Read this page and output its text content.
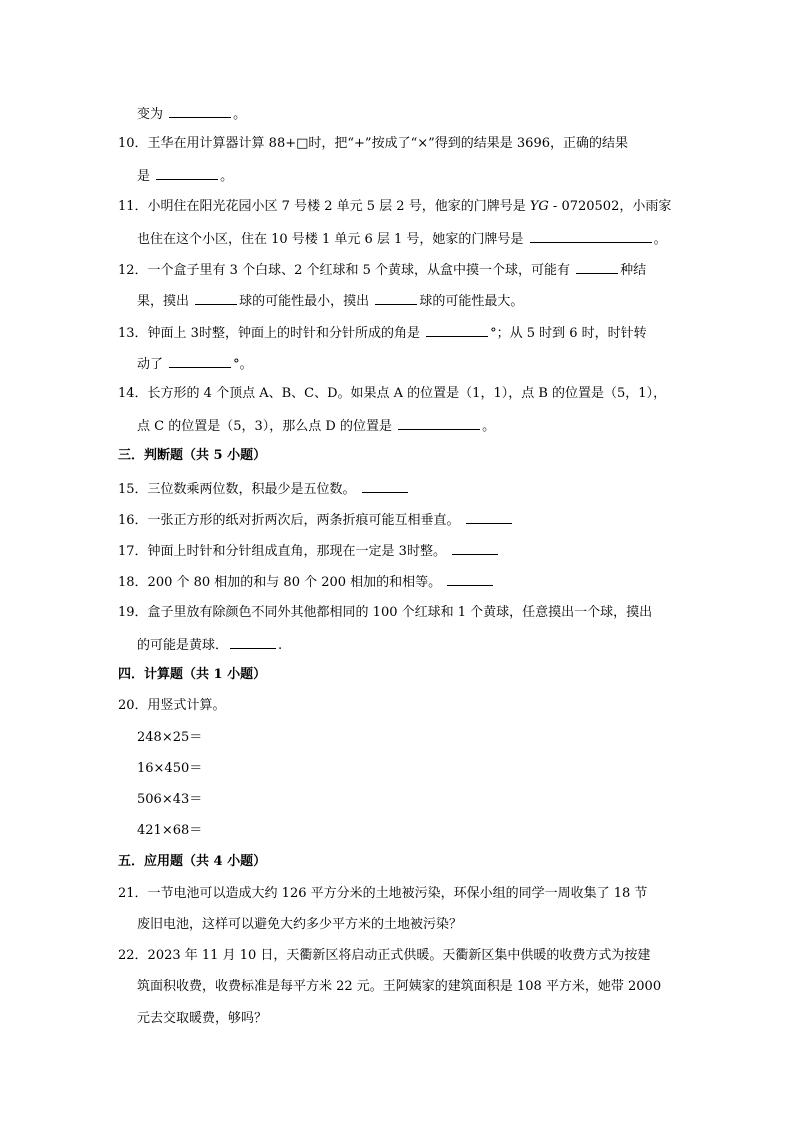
变为	。
10．王华在用计算器计算 88+□时，把“+”按成了“×”得到的结果是 3696，正确的结果
是	。
11．小明住在阳光花园小区 7 号楼 2 单元 5 层 2 号，他家的门牌号是 YG - 0720502，小雨家
也住在这个小区，住在 10 号楼 1 单元 6 层 1 号，她家的门牌号是	。
12．一个盒子里有 3 个白球、2 个红球和 5 个黄球，从盒中摸一个球，可能有	种结
果，摸出	球的可能性最小，摸出	球的可能性最大。
13．钟面上 3时整，钟面上的时针和分针所成的角是	°；从 5 时到 6 时，时针转
动了	°。
14．长方形的 4 个顶点 A、B、C、D。如果点 A 的位置是（1，1），点 B 的位置是（5，1），
点 C 的位置是（5，3），那么点 D 的位置是	。
三．判断题（共 5 小题）
15．三位数乘两位数，积最少是五位数。
16．一张正方形的纸对折两次后，两条折痕可能互相垂直。
17．钟面上时针和分针组成直角，那现在一定是 3时整。
18．200 个 80 相加的和与 80 个 200 相加的和相等。
19．盒子里放有除颜色不同外其他都相同的 100 个红球和 1 个黄球，任意摸出一个球，摸出
的可能是黄球．	.
四．计算题（共 1 小题）
20．用竖式计算。
248×25＝
16×450＝
506×43＝
421×68＝
五．应用题（共 4 小题）
21．一节电池可以造成大约 126 平方分米的土地被污染，环保小组的同学一周收集了 18 节
废旧电池，这样可以避免大约多少平方米的土地被污染？
22．2023 年 11 月 10 日，天衢新区将启动正式供暖。天衢新区集中供暖的收费方式为按建
筑面积收费，收费标准是每平方米 22 元。王阿姨家的建筑面积是 108 平方米，她带 2000
元去交取暖费，够吗？
